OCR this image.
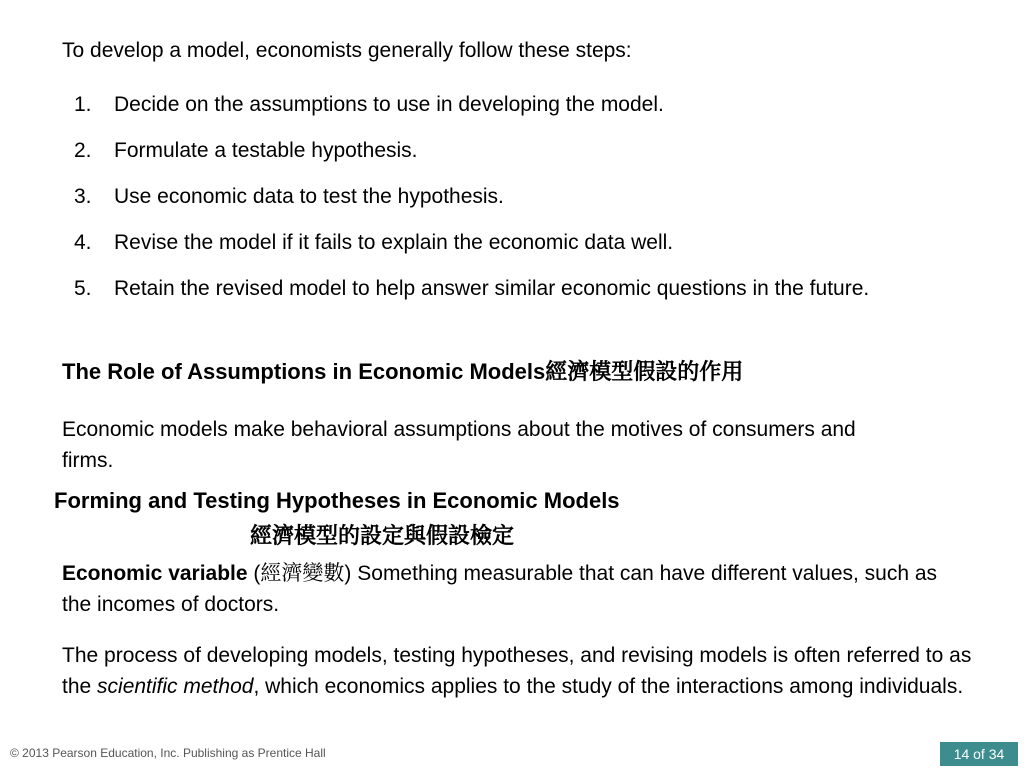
To develop a model, economists generally follow these steps:
1. Decide on the assumptions to use in developing the model.
2. Formulate a testable hypothesis.
3. Use economic data to test the hypothesis.
4. Revise the model if it fails to explain the economic data well.
5. Retain the revised model to help answer similar economic questions in the future.
The Role of Assumptions in Economic Models經濟模型假設的作用
Economic models make behavioral assumptions about the motives of consumers and firms.
Forming and Testing Hypotheses in Economic Models
經濟模型的設定與假設檢定
Economic variable (經濟變數) Something measurable that can have different values, such as the incomes of doctors.
The process of developing models, testing hypotheses, and revising models is often referred to as the scientific method, which economics applies to the study of the interactions among individuals.
© 2013 Pearson Education, Inc. Publishing as Prentice Hall	14 of 34
